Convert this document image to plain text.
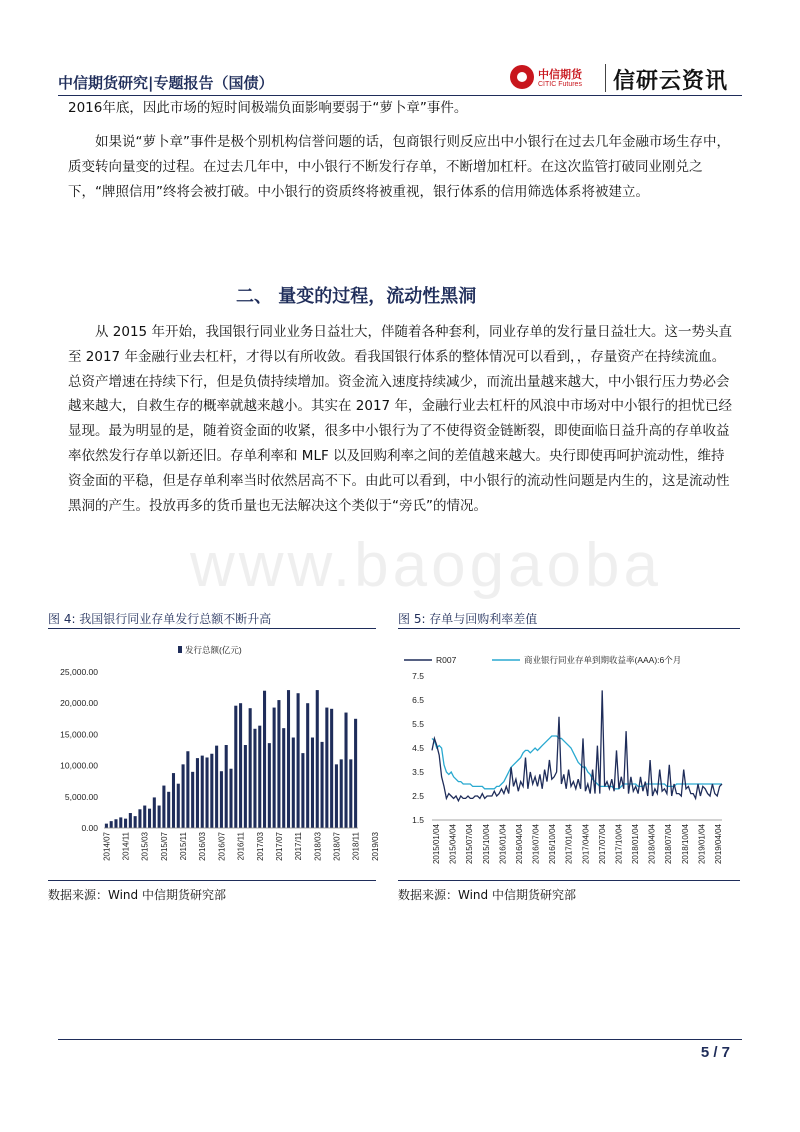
中信期货研究|专题报告（国债）	中信期货
CITIC Futures 信研云资讯

2016年底，因此市场的短时间极端负面影响要弱于“萝卜章”事件。

如果说“萝卜章”事件是极个别机构信誉问题的话，包商银行则反应出中小银行在过去几年金融市场生存中，质变转向量变的过程。在过去几年中，中小银行不断发行存单，不断增加杠杆。在这次监管打破同业刚兑之下，“牌照信用”终将会被打破。中小银行的资质终将被重视，银行体系的信用筛选体系将被建立。

二、 量变的过程，流动性黑洞

从 2015 年开始，我国银行同业业务日益壮大，伴随着各种套利，同业存单的发行量日益壮大。这一势头直至 2017 年金融行业去杠杆，才得以有所收敛。看我国银行体系的整体情况可以看到，，存量资产在持续流血。总资产增速在持续下行，但是负债持续增加。资金流入速度持续减少，而流出量越来越大，中小银行压力势必会越来越大，自救生存的概率就越来越小。其实在 2017 年，金融行业去杠杆的风浪中市场对中小银行的担忧已经显现。最为明显的是，随着资金面的收紧，很多中小银行为了不使得资金链断裂，即使面临日益升高的存单收益率依然发行存单以新还旧。存单利率和 MLF 以及回购利率之间的差值越来越大。央行即使再呵护流动性，维持资金面的平稳，但是存单利率当时依然居高不下。由此可以看到，中小银行的流动性问题是内生的，这是流动性黑洞的产生。投放再多的货币量也无法解决这个类似于“旁氏”的情况。

www.baogaoba
图 4: 我国银行同业存单发行总额不断升高	图 5: 存单与回购利率差值
发行总额(亿元)
25,000.00
20,000.00
15,000.00
10,000.00
5,000.00
0.00
2014/07 2014/11 2015/03 2015/07 2015/11 2016/03 2016/07 2016/11 2017/03 2017/07 2017/11 2018/03 2018/07 2018/11 2019/03
R007	商业银行同业存单到期收益率(AAA):6个月
7.5
6.5
5.5
4.5
3.5
2.5
1.5
2015/01/04 2015/04/04 2015/07/04 2015/10/04 2016/01/04 2016/04/04 2016/07/04 2016/10/04 2017/01/04 2017/04/04 2017/07/04 2017/10/04 2018/01/04 2018/04/04 2018/07/04 2018/10/04 2019/01/04 2019/04/04
数据来源：Wind 中信期货研究部	数据来源：Wind 中信期货研究部
5 / 7
